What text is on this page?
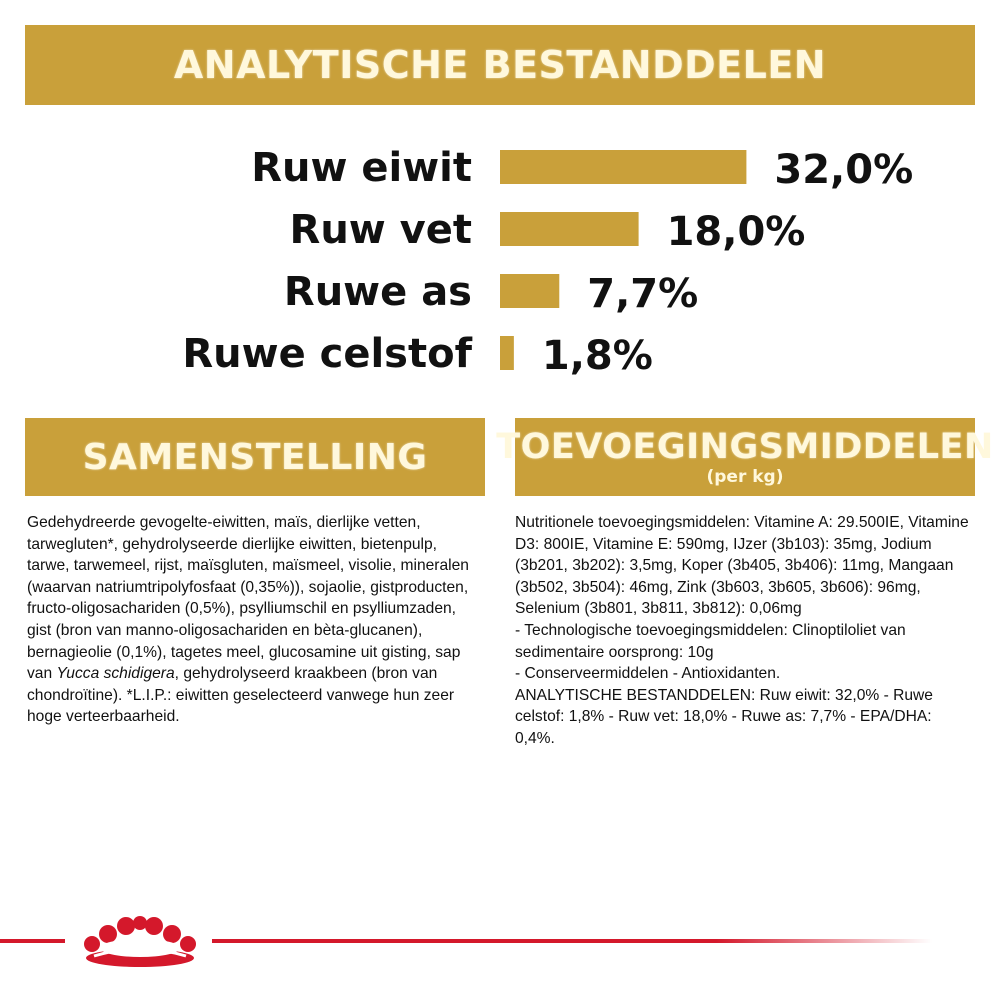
ANALYTISCHE BESTANDDELEN
Ruw eiwit	32,0%
Ruw vet	18,0%
Ruwe as	7,7%
Ruwe celstof 1,8%
SAMENSTELLING TOEVOEGINGSMIDDELEN
(per kg)
Gedehydreerde gevogelte-eiwitten, maïs, dierlijke vetten, tarwegluten*, gehydrolyseerde dierlijke eiwitten, bietenpulp, tarwe, tarwemeel, rijst, maïsgluten, maïsmeel, visolie, mineralen (waarvan natriumtripolyfosfaat (0,35%)), sojaolie, gistproducten, fructo-oligosachariden (0,5%), psylliumschil en psylliumzaden, gist (bron van manno-oligosachariden en bèta-glucanen), bernagieolie (0,1%), tagetes meel, glucosamine uit gisting, sap van Yucca schidigera, gehydrolyseerd kraakbeen (bron van chondroïtine). *L.I.P.: eiwitten geselecteerd vanwege hun zeer hoge verteerbaarheid.

Nutritionele toevoegingsmiddelen: Vitamine A: 29.500IE, Vitamine D3: 800IE, Vitamine E: 590mg, IJzer (3b103): 35mg, Jodium (3b201, 3b202): 3,5mg, Koper (3b405, 3b406): 11mg, Mangaan (3b502, 3b504): 46mg, Zink (3b603, 3b605, 3b606): 96mg, Selenium (3b801, 3b811, 3b812): 0,06mg

- Technologische toevoegingsmiddelen: Clinoptiloliet van sedimentaire oorsprong: 10g

- Conserveermiddelen - Antioxidanten.

ANALYTISCHE BESTANDDELEN: Ruw eiwit: 32,0% - Ruwe celstof: 1,8% - Ruw vet: 18,0% - Ruwe as: 7,7% - EPA/DHA: 0,4%.
